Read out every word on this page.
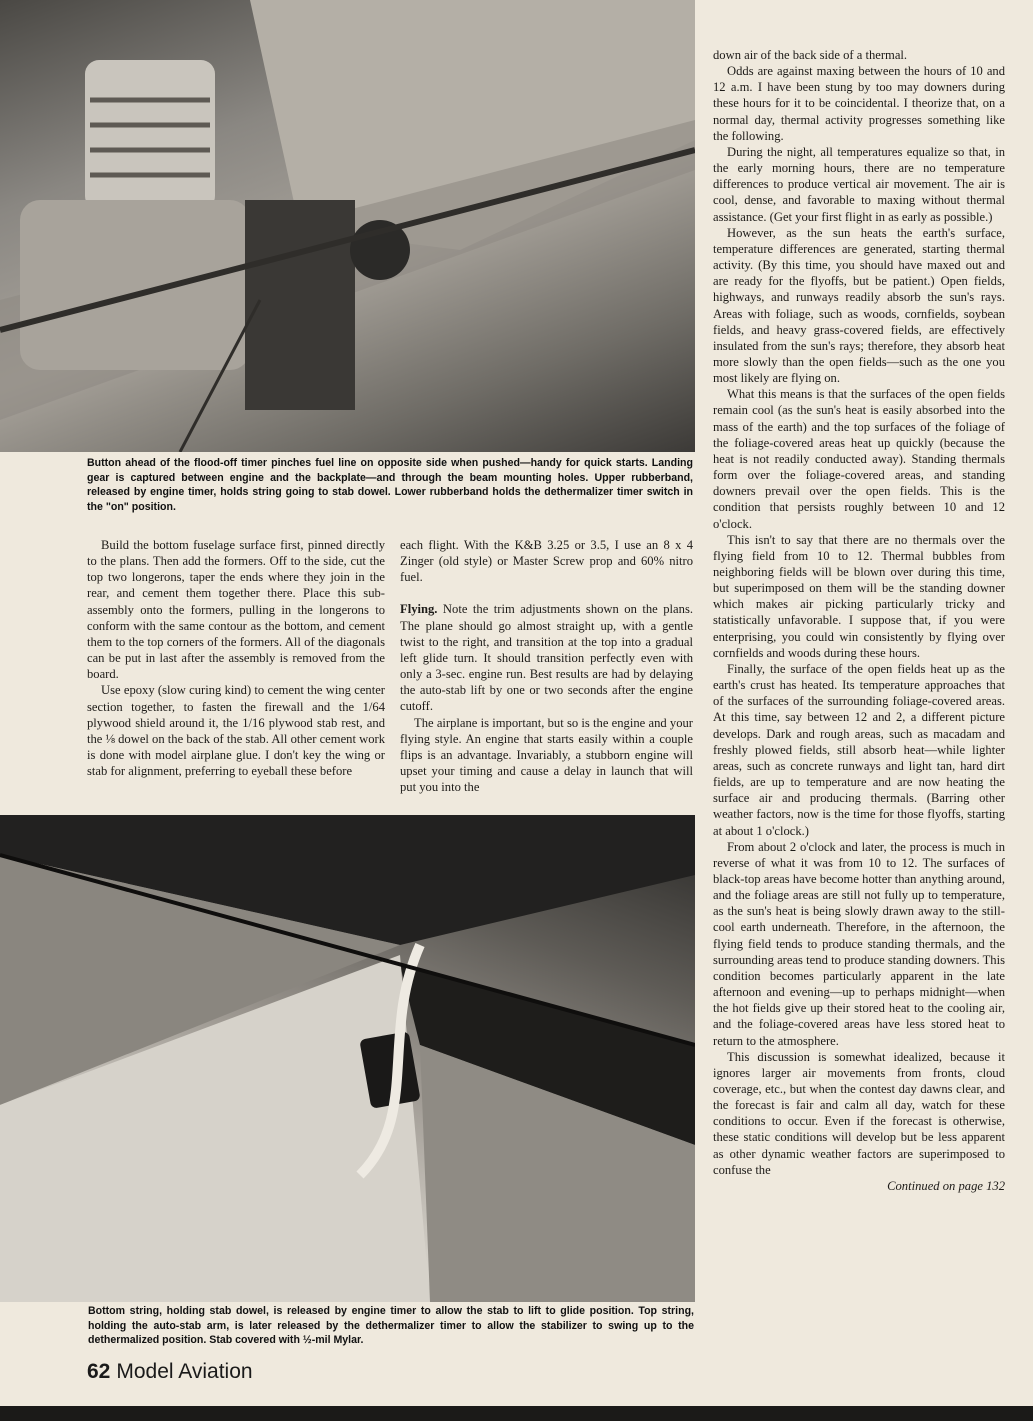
Button ahead of the flood-off timer pinches fuel line on opposite side when pushed—handy for quick starts. Landing gear is captured between engine and the backplate—and through the beam mounting holes. Upper rubberband, released by engine timer, holds string going to stab dowel. Lower rubberband holds the dethermalizer timer switch in the "on" position.

Build the bottom fuselage surface first, pinned directly to the plans. Then add the formers. Off to the side, cut the top two longerons, taper the ends where they join in the rear, and cement them together there. Place this sub-assembly onto the formers, pulling in the longerons to conform with the same contour as the bottom, and cement them to the top corners of the formers. All of the diagonals can be put in last after the assembly is removed from the board.

Use epoxy (slow curing kind) to cement the wing center section together, to fasten the firewall and the 1/64 plywood shield around it, the 1/16 plywood stab rest, and the ⅛ dowel on the back of the stab. All other cement work is done with model airplane glue. I don't key the wing or stab for alignment, preferring to eyeball these before

each flight. With the K&B 3.25 or 3.5, I use an 8 x 4 Zinger (old style) or Master Screw prop and 60% nitro fuel.

Flying. Note the trim adjustments shown on the plans. The plane should go almost straight up, with a gentle twist to the right, and transition at the top into a gradual left glide turn. It should transition perfectly even with only a 3-sec. engine run. Best results are had by delaying the auto-stab lift by one or two seconds after the engine cutoff.

The airplane is important, but so is the engine and your flying style. An engine that starts easily within a couple flips is an advantage. Invariably, a stubborn engine will upset your timing and cause a delay in launch that will put you into the

Bottom string, holding stab dowel, is released by engine timer to allow the stab to lift to glide position. Top string, holding the auto-stab arm, is later released by the dethermalizer timer to allow the stabilizer to swing up to the dethermalized position. Stab covered with ½-mil Mylar.

down air of the back side of a thermal.

Odds are against maxing between the hours of 10 and 12 a.m. I have been stung by too may downers during these hours for it to be coincidental. I theorize that, on a normal day, thermal activity progresses something like the following.

During the night, all temperatures equalize so that, in the early morning hours, there are no temperature differences to produce vertical air movement. The air is cool, dense, and favorable to maxing without thermal assistance. (Get your first flight in as early as possible.)

However, as the sun heats the earth's surface, temperature differences are generated, starting thermal activity. (By this time, you should have maxed out and are ready for the flyoffs, but be patient.) Open fields, highways, and runways readily absorb the sun's rays. Areas with foliage, such as woods, cornfields, soybean fields, and heavy grass-covered fields, are effectively insulated from the sun's rays; therefore, they absorb heat more slowly than the open fields—such as the one you most likely are flying on.

What this means is that the surfaces of the open fields remain cool (as the sun's heat is easily absorbed into the mass of the earth) and the top surfaces of the foliage of the foliage-covered areas heat up quickly (because the heat is not readily conducted away). Standing thermals form over the foliage-covered areas, and standing downers prevail over the open fields. This is the condition that persists roughly between 10 and 12 o'clock.

This isn't to say that there are no thermals over the flying field from 10 to 12. Thermal bubbles from neighboring fields will be blown over during this time, but superimposed on them will be the standing downer which makes air picking particularly tricky and statistically unfavorable. I suppose that, if you were enterprising, you could win consistently by flying over cornfields and woods during these hours.

Finally, the surface of the open fields heat up as the earth's crust has heated. Its temperature approaches that of the surfaces of the surrounding foliage-covered areas. At this time, say between 12 and 2, a different picture develops. Dark and rough areas, such as macadam and freshly plowed fields, still absorb heat—while lighter areas, such as concrete runways and light tan, hard dirt fields, are up to temperature and are now heating the surface air and producing thermals. (Barring other weather factors, now is the time for those flyoffs, starting at about 1 o'clock.)

From about 2 o'clock and later, the process is much in reverse of what it was from 10 to 12. The surfaces of black-top areas have become hotter than anything around, and the foliage areas are still not fully up to temperature, as the sun's heat is being slowly drawn away to the still-cool earth underneath. Therefore, in the afternoon, the flying field tends to produce standing thermals, and the surrounding areas tend to produce standing downers. This condition becomes particularly apparent in the late afternoon and evening—up to perhaps midnight—when the hot fields give up their stored heat to the cooling air, and the foliage-covered areas have less stored heat to return to the atmosphere.

This discussion is somewhat idealized, because it ignores larger air movements from fronts, cloud coverage, etc., but when the contest day dawns clear, and the forecast is fair and calm all day, watch for these conditions to occur. Even if the forecast is otherwise, these static conditions will develop but be less apparent as other dynamic weather factors are superimposed to confuse the

Continued on page 132

62 Model Aviation
